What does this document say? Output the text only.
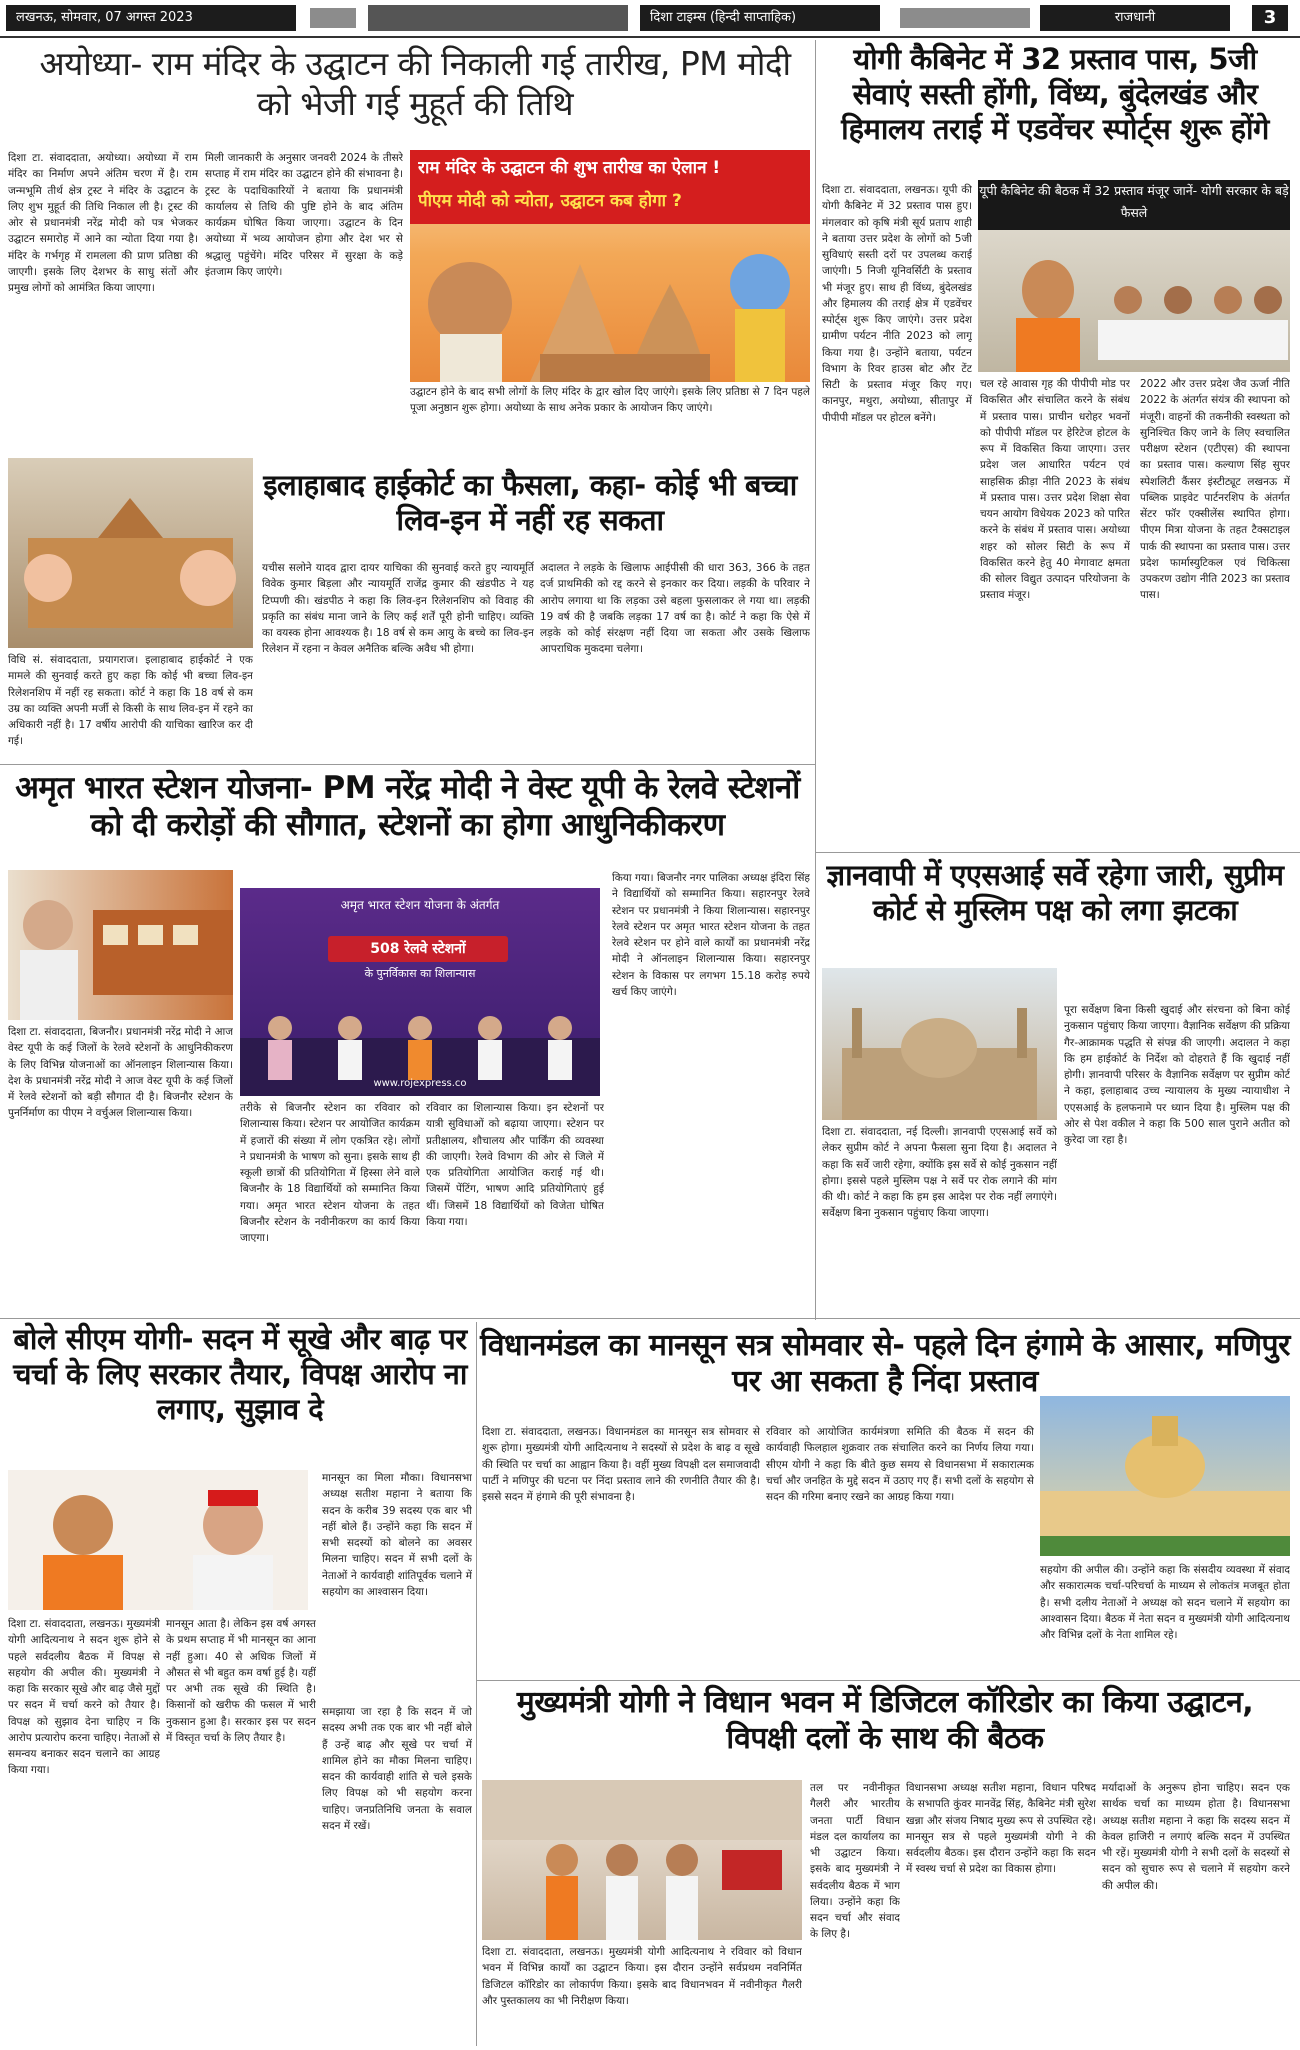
लखनऊ, सोमवार, 07 अगस्त 2023	दिशा टाइम्स (हिन्दी साप्ताहिक)	राजधानी	3
अयोध्या- राम मंदिर के उद्घाटन की निकाली गई तारीख, PM मोदी को भेजी गई मुहूर्त की तिथि
दिशा टा. संवाददाता, अयोध्या। अयोध्या में राम मंदिर का निर्माण अपने अंतिम चरण में है। राम जन्मभूमि तीर्थ क्षेत्र ट्रस्ट ने मंदिर के उद्घाटन के लिए शुभ मुहूर्त की तिथि निकाल ली है। ट्रस्ट की ओर से प्रधानमंत्री नरेंद्र मोदी को पत्र भेजकर उद्घाटन समारोह में आने का न्योता दिया गया है। मंदिर के गर्भगृह में रामलला की प्राण प्रतिष्ठा की जाएगी। इसके लिए देशभर के साधु संतों और प्रमुख लोगों को आमंत्रित किया जाएगा।
मिली जानकारी के अनुसार जनवरी 2024 के तीसरे सप्ताह में राम मंदिर का उद्घाटन होने की संभावना है। ट्रस्ट के पदाधिकारियों ने बताया कि प्रधानमंत्री कार्यालय से तिथि की पुष्टि होने के बाद अंतिम कार्यक्रम घोषित किया जाएगा। उद्घाटन के दिन अयोध्या में भव्य आयोजन होगा और देश भर से श्रद्धालु पहुंचेंगे। मंदिर परिसर में सुरक्षा के कड़े इंतजाम किए जाएंगे।
राम मंदिर के उद्घाटन की शुभ तारीख का ऐलान !
पीएम मोदी को न्योता, उद्घाटन कब होगा ?
उद्घाटन होने के बाद सभी लोगों के लिए मंदिर के द्वार खोल दिए जाएंगे। इसके लिए प्रतिष्ठा से 7 दिन पहले पूजा अनुष्ठान शुरू होगा। अयोध्या के साथ अनेक प्रकार के आयोजन किए जाएंगे।
योगी कैबिनेट में 32 प्रस्ताव पास, 5जी सेवाएं सस्ती होंगी, विंध्य, बुंदेलखंड और हिमालय तराई में एडवेंचर स्पोर्ट्स शुरू होंगे
दिशा टा. संवाददाता, लखनऊ। यूपी की योगी कैबिनेट में 32 प्रस्ताव पास हुए। मंगलवार को कृषि मंत्री सूर्य प्रताप शाही ने बताया उत्तर प्रदेश के लोगों को 5जी सुविधाएं सस्ती दरों पर उपलब्ध कराई जाएंगी। 5 निजी यूनिवर्सिटी के प्रस्ताव भी मंजूर हुए। साथ ही विंध्य, बुंदेलखंड और हिमालय की तराई क्षेत्र में एडवेंचर स्पोर्ट्स शुरू किए जाएंगे। उत्तर प्रदेश ग्रामीण पर्यटन नीति 2023 को लागू किया गया है। उन्होंने बताया, पर्यटन विभाग के रिवर हाउस बोट और टेंट सिटी के प्रस्ताव मंजूर किए गए। कानपुर, मथुरा, अयोध्या, सीतापुर में पीपीपी मॉडल पर होटल बनेंगे।
यूपी कैबिनेट की बैठक में 32 प्रस्ताव मंजूर जानें- योगी सरकार के बड़े फैसले
चल रहे आवास गृह की पीपीपी मोड पर विकसित और संचालित करने के संबंध में प्रस्ताव पास। प्राचीन धरोहर भवनों को पीपीपी मॉडल पर हेरिटेज होटल के रूप में विकसित किया जाएगा। उत्तर प्रदेश जल आधारित पर्यटन एवं साहसिक क्रीड़ा नीति 2023 के संबंध में प्रस्ताव पास। उत्तर प्रदेश शिक्षा सेवा चयन आयोग विधेयक 2023 को पारित करने के संबंध में प्रस्ताव पास। अयोध्या शहर को सोलर सिटी के रूप में विकसित करने हेतु 40 मेगावाट क्षमता की सोलर विद्युत उत्पादन परियोजना के प्रस्ताव मंजूर।
2022 और उत्तर प्रदेश जैव ऊर्जा नीति 2022 के अंतर्गत संयंत्र की स्थापना को मंजूरी। वाहनों की तकनीकी स्वस्थता को सुनिश्चित किए जाने के लिए स्वचालित परीक्षण स्टेशन (एटीएस) की स्थापना का प्रस्ताव पास। कल्याण सिंह सुपर स्पेशलिटी कैंसर इंस्टीट्यूट लखनऊ में पब्लिक प्राइवेट पार्टनरशिप के अंतर्गत सेंटर फॉर एक्सीलेंस स्थापित होगा। पीएम मित्रा योजना के तहत टैक्सटाइल पार्क की स्थापना का प्रस्ताव पास। उत्तर प्रदेश फार्मास्युटिकल एवं चिकित्सा उपकरण उद्योग नीति 2023 का प्रस्ताव पास।
इलाहाबाद हाईकोर्ट का फैसला, कहा- कोई भी बच्चा लिव-इन में नहीं रह सकता
विधि सं. संवाददाता, प्रयागराज। इलाहाबाद हाईकोर्ट ने एक मामले की सुनवाई करते हुए कहा कि कोई भी बच्चा लिव-इन रिलेशनशिप में नहीं रह सकता। कोर्ट ने कहा कि 18 वर्ष से कम उम्र का व्यक्ति अपनी मर्जी से किसी के साथ लिव-इन में रहने का अधिकारी नहीं है। 17 वर्षीय आरोपी की याचिका खारिज कर दी गई।
यचीस सलोने यादव द्वारा दायर याचिका की सुनवाई करते हुए न्यायमूर्ति विवेक कुमार बिड़ला और न्यायमूर्ति राजेंद्र कुमार की खंडपीठ ने यह टिप्पणी की। खंडपीठ ने कहा कि लिव-इन रिलेशनशिप को विवाह की प्रकृति का संबंध माना जाने के लिए कई शर्तें पूरी होनी चाहिए। व्यक्ति का वयस्क होना आवश्यक है। 18 वर्ष से कम आयु के बच्चे का लिव-इन रिलेशन में रहना न केवल अनैतिक बल्कि अवैध भी होगा।
अदालत ने लड़के के खिलाफ आईपीसी की धारा 363, 366 के तहत दर्ज प्राथमिकी को रद्द करने से इनकार कर दिया। लड़की के परिवार ने आरोप लगाया था कि लड़का उसे बहला फुसलाकर ले गया था। लड़की 19 वर्ष की है जबकि लड़का 17 वर्ष का है। कोर्ट ने कहा कि ऐसे में लड़के को कोई संरक्षण नहीं दिया जा सकता और उसके खिलाफ आपराधिक मुकदमा चलेगा।
अमृत भारत स्टेशन योजना- PM नरेंद्र मोदी ने वेस्ट यूपी के रेलवे स्टेशनों को दी करोड़ों की सौगात, स्टेशनों का होगा आधुनिकीकरण
दिशा टा. संवाददाता, बिजनौर। प्रधानमंत्री नरेंद्र मोदी ने आज वेस्ट यूपी के कई जिलों के रेलवे स्टेशनों के आधुनिकीकरण के लिए विभिन्न योजनाओं का ऑनलाइन शिलान्यास किया। देश के प्रधानमंत्री नरेंद्र मोदी ने आज वेस्ट यूपी के कई जिलों में रेलवे स्टेशनों को बड़ी सौगात दी है। बिजनौर स्टेशन के पुनर्निर्माण का पीएम ने वर्चुअल शिलान्यास किया।
अमृत भारत स्टेशन योजना के अंतर्गत
508 रेलवे स्टेशनों
के पुनर्विकास का शिलान्यास
www.rojexpress.co
तरीके से बिजनौर स्टेशन का रविवार को शिलान्यास किया। स्टेशन पर आयोजित कार्यक्रम में हजारों की संख्या में लोग एकत्रित रहे। लोगों ने प्रधानमंत्री के भाषण को सुना। इसके साथ ही स्कूली छात्रों की प्रतियोगिता में हिस्सा लेने वाले बिजनौर के 18 विद्यार्थियों को सम्मानित किया गया। अमृत भारत स्टेशन योजना के तहत बिजनौर स्टेशन के नवीनीकरण का कार्य किया जाएगा।
रविवार का शिलान्यास किया। इन स्टेशनों पर यात्री सुविधाओं को बढ़ाया जाएगा। स्टेशन पर प्रतीक्षालय, शौचालय और पार्किंग की व्यवस्था की जाएगी। रेलवे विभाग की ओर से जिले में एक प्रतियोगिता आयोजित कराई गई थी। जिसमें पेंटिंग, भाषण आदि प्रतियोगिताएं हुई थीं। जिसमें 18 विद्यार्थियों को विजेता घोषित किया गया।
किया गया। बिजनौर नगर पालिका अध्यक्ष इंदिरा सिंह ने विद्यार्थियों को सम्मानित किया। सहारनपुर रेलवे स्टेशन पर प्रधानमंत्री ने किया शिलान्यास। सहारनपुर रेलवे स्टेशन पर अमृत भारत स्टेशन योजना के तहत रेलवे स्टेशन पर होने वाले कार्यों का प्रधानमंत्री नरेंद्र मोदी ने ऑनलाइन शिलान्यास किया। सहारनपुर स्टेशन के विकास पर लगभग 15.18 करोड़ रुपये खर्च किए जाएंगे।
ज्ञानवापी में एएसआई सर्वे रहेगा जारी, सुप्रीम कोर्ट से मुस्लिम पक्ष को लगा झटका
दिशा टा. संवाददाता, नई दिल्ली। ज्ञानवापी एएसआई सर्वे को लेकर सुप्रीम कोर्ट ने अपना फैसला सुना दिया है। अदालत ने कहा कि सर्वे जारी रहेगा, क्योंकि इस सर्वे से कोई नुकसान नहीं होगा। इससे पहले मुस्लिम पक्ष ने सर्वे पर रोक लगाने की मांग की थी। कोर्ट ने कहा कि हम इस आदेश पर रोक नहीं लगाएंगे। सर्वेक्षण बिना नुकसान पहुंचाए किया जाएगा।
पूरा सर्वेक्षण बिना किसी खुदाई और संरचना को बिना कोई नुकसान पहुंचाए किया जाएगा। वैज्ञानिक सर्वेक्षण की प्रक्रिया गैर-आक्रामक पद्धति से संपन्न की जाएगी। अदालत ने कहा कि हम हाईकोर्ट के निर्देश को दोहराते हैं कि खुदाई नहीं होगी। ज्ञानवापी परिसर के वैज्ञानिक सर्वेक्षण पर सुप्रीम कोर्ट ने कहा, इलाहाबाद उच्च न्यायालय के मुख्य न्यायाधीश ने एएसआई के हलफनामे पर ध्यान दिया है। मुस्लिम पक्ष की ओर से पेश वकील ने कहा कि 500 साल पुराने अतीत को कुरेदा जा रहा है।
बोले सीएम योगी- सदन में सूखे और बाढ़ पर चर्चा के लिए सरकार तैयार, विपक्ष आरोप ना लगाए, सुझाव दे
दिशा टा. संवाददाता, लखनऊ। मुख्यमंत्री योगी आदित्यनाथ ने सदन शुरू होने से पहले सर्वदलीय बैठक में विपक्ष से सहयोग की अपील की। मुख्यमंत्री ने कहा कि सरकार सूखे और बाढ़ जैसे मुद्दों पर सदन में चर्चा करने को तैयार है। विपक्ष को सुझाव देना चाहिए न कि आरोप प्रत्यारोप करना चाहिए। नेताओं से समन्वय बनाकर सदन चलाने का आग्रह किया गया।
मानसून आता है। लेकिन इस वर्ष अगस्त के प्रथम सप्ताह में भी मानसून का आना नहीं हुआ। 40 से अधिक जिलों में औसत से भी बहुत कम वर्षा हुई है। यहीं पर अभी तक सूखे की स्थिति है। किसानों को खरीफ की फसल में भारी नुकसान हुआ है। सरकार इस पर सदन में विस्तृत चर्चा के लिए तैयार है।
मानसून का मिला मौका। विधानसभा अध्यक्ष सतीश महाना ने बताया कि सदन के करीब 39 सदस्य एक बार भी नहीं बोले हैं। उन्होंने कहा कि सदन में सभी सदस्यों को बोलने का अवसर मिलना चाहिए। सदन में सभी दलों के नेताओं ने कार्यवाही शांतिपूर्वक चलाने में सहयोग का आश्वासन दिया।
समझाया जा रहा है कि सदन में जो सदस्य अभी तक एक बार भी नहीं बोले हैं उन्हें बाढ़ और सूखे पर चर्चा में शामिल होने का मौका मिलना चाहिए। सदन की कार्यवाही शांति से चले इसके लिए विपक्ष को भी सहयोग करना चाहिए। जनप्रतिनिधि जनता के सवाल सदन में रखें।
विधानमंडल का मानसून सत्र सोमवार से- पहले दिन हंगामे के आसार, मणिपुर पर आ सकता है निंदा प्रस्ताव
दिशा टा. संवाददाता, लखनऊ। विधानमंडल का मानसून सत्र सोमवार से शुरू होगा। मुख्यमंत्री योगी आदित्यनाथ ने सदस्यों से प्रदेश के बाढ़ व सूखे की स्थिति पर चर्चा का आह्वान किया है। वहीं मुख्य विपक्षी दल समाजवादी पार्टी ने मणिपुर की घटना पर निंदा प्रस्ताव लाने की रणनीति तैयार की है। इससे सदन में हंगामे की पूरी संभावना है।
रविवार को आयोजित कार्यमंत्रणा समिति की बैठक में सदन की कार्यवाही फिलहाल शुक्रवार तक संचालित करने का निर्णय लिया गया। सीएम योगी ने कहा कि बीते कुछ समय से विधानसभा में सकारात्मक चर्चा और जनहित के मुद्दे सदन में उठाए गए हैं। सभी दलों के सहयोग से सदन की गरिमा बनाए रखने का आग्रह किया गया।
सहयोग की अपील की। उन्होंने कहा कि संसदीय व्यवस्था में संवाद और सकारात्मक चर्चा-परिचर्चा के माध्यम से लोकतंत्र मजबूत होता है। सभी दलीय नेताओं ने अध्यक्ष को सदन चलाने में सहयोग का आश्वासन दिया। बैठक में नेता सदन व मुख्यमंत्री योगी आदित्यनाथ और विभिन्न दलों के नेता शामिल रहे।
मुख्यमंत्री योगी ने विधान भवन में डिजिटल कॉरिडोर का किया उद्घाटन, विपक्षी दलों के साथ की बैठक
दिशा टा. संवाददाता, लखनऊ। मुख्यमंत्री योगी आदित्यनाथ ने रविवार को विधान भवन में विभिन्न कार्यों का उद्घाटन किया। इस दौरान उन्होंने सर्वप्रथम नवनिर्मित डिजिटल कॉरिडोर का लोकार्पण किया। इसके बाद विधानभवन में नवीनीकृत गैलरी और पुस्तकालय का भी निरीक्षण किया।
तल पर नवीनीकृत गैलरी और भारतीय जनता पार्टी विधान मंडल दल कार्यालय का भी उद्घाटन किया। इसके बाद मुख्यमंत्री ने सर्वदलीय बैठक में भाग लिया। उन्होंने कहा कि सदन चर्चा और संवाद के लिए है।
विधानसभा अध्यक्ष सतीश महाना, विधान परिषद के सभापति कुंवर मानवेंद्र सिंह, कैबिनेट मंत्री सुरेश खन्ना और संजय निषाद मुख्य रूप से उपस्थित रहे। मानसून सत्र से पहले मुख्यमंत्री योगी ने की सर्वदलीय बैठक। इस दौरान उन्होंने कहा कि सदन में स्वस्थ चर्चा से प्रदेश का विकास होगा।
मर्यादाओं के अनुरूप होना चाहिए। सदन एक सार्थक चर्चा का माध्यम होता है। विधानसभा अध्यक्ष सतीश महाना ने कहा कि सदस्य सदन में केवल हाजिरी न लगाएं बल्कि सदन में उपस्थित भी रहें। मुख्यमंत्री योगी ने सभी दलों के सदस्यों से सदन को सुचारु रूप से चलाने में सहयोग करने की अपील की।
